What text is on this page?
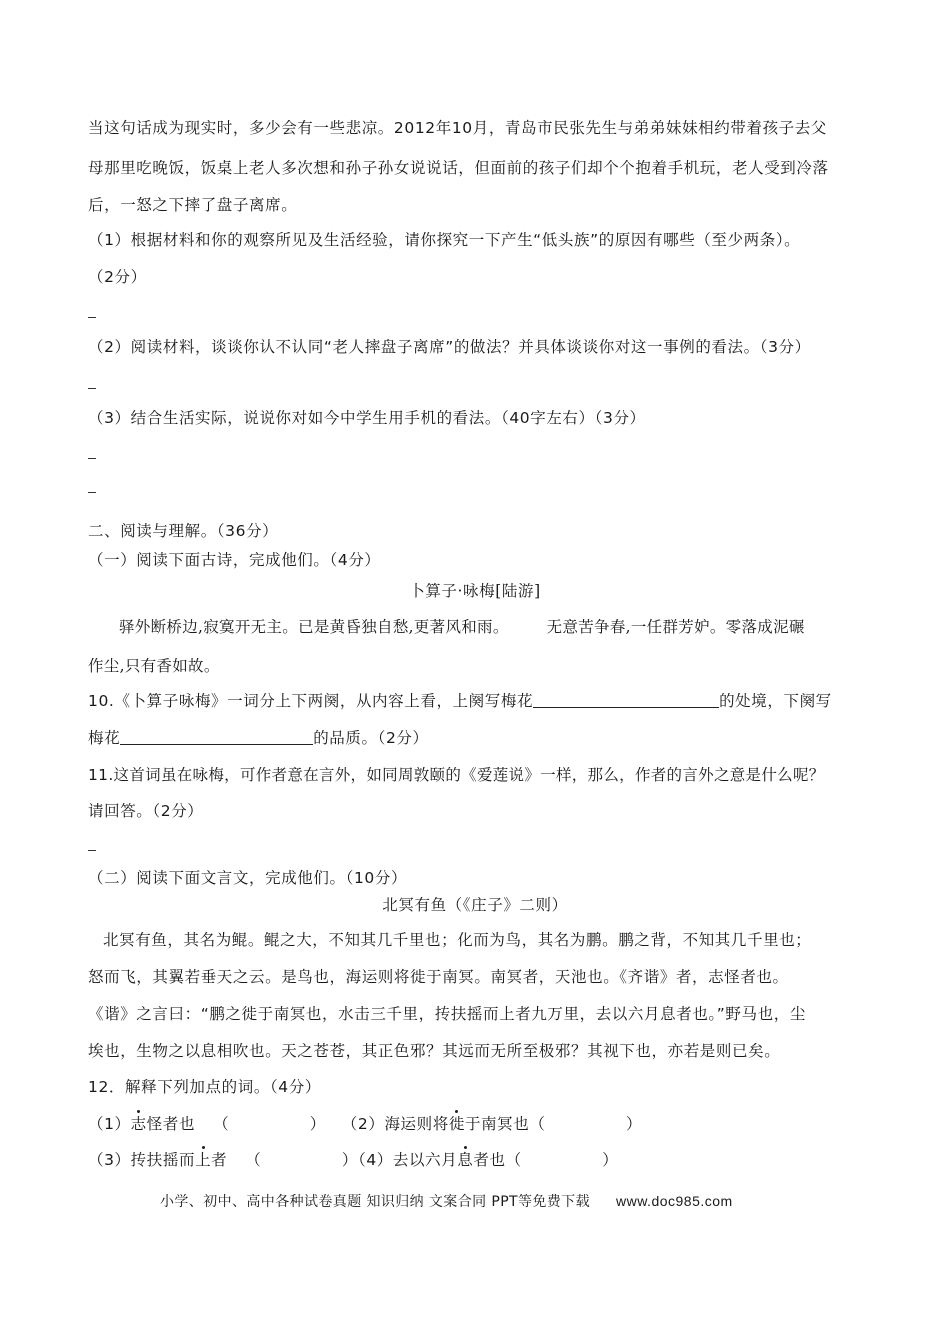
当这句话成为现实时，多少会有一些悲凉。2012年10月，青岛市民张先生与弟弟妹妹相约带着孩子去父
母那里吃晚饭，饭桌上老人多次想和孙子孙女说说话，但面前的孩子们却个个抱着手机玩，老人受到冷落
后，一怒之下摔了盘子离席。
（1）根据材料和你的观察所见及生活经验，请你探究一下产生“低头族”的原因有哪些（至少两条）。
（2分）
（2）阅读材料，谈谈你认不认同“老人摔盘子离席”的做法？并具体谈谈你对这一事例的看法。（3分）
（3）结合生活实际，说说你对如今中学生用手机的看法。（40字左右）（3分）
二、阅读与理解。（36分）
（一）阅读下面古诗，完成他们。（4分）
卜算子·咏梅[陆游]
驿外断桥边,寂寞开无主。已是黄昏独自愁,更著风和雨。 无意苦争春,一任群芳妒。零落成泥碾
作尘,只有香如故。
10.《卜算子咏梅》一词分上下两阕，从内容上看，上阕写梅花	的处境，下阕写
梅花	的品质。（2分）
11.这首词虽在咏梅，可作者意在言外，如同周敦颐的《爱莲说》一样，那么，作者的言外之意是什么呢？
请回答。（2分）
（二）阅读下面文言文，完成他们。（10分）
北冥有鱼（《庄子》二则）
北冥有鱼，其名为鲲。鲲之大，不知其几千里也；化而为鸟，其名为鹏。鹏之背，不知其几千里也；
怒而飞，其翼若垂天之云。是鸟也，海运则将徙于南冥。南冥者，天池也。《齐谐》者，志怪者也。
《谐》之言曰：“鹏之徙于南冥也，水击三千里，抟扶摇而上者九万里，去以六月息者也。”野马也，尘
埃也，生物之以息相吹也。天之苍苍，其正色邪？其远而无所至极邪？其视下也，亦若是则已矣。
12．解释下列加点的词。（4分）
（1）志怪者也 （　　　　　） （2）海运则将徙于南冥也（　　　　　）
（3）抟扶摇而上者 （　　　　　）（4）去以六月息者也（　　　　　）
小学、初中、高中各种试卷真题 知识归纳 文案合同 PPT等免费下载 www.doc985.com
